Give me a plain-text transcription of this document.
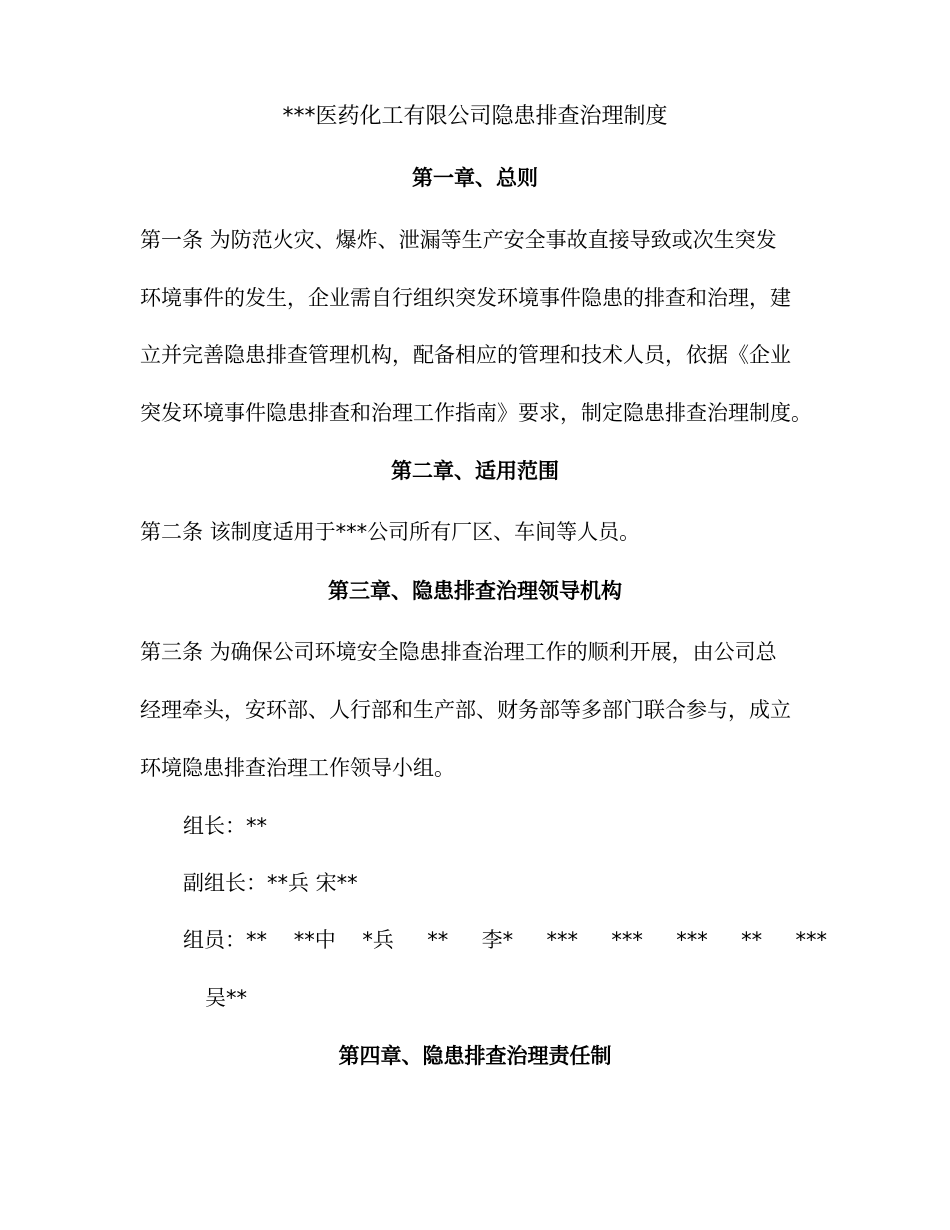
***医药化工有限公司隐患排查治理制度
第一章、总则
第一条 为防范火灾、爆炸、泄漏等生产安全事故直接导致或次生突发
环境事件的发生，企业需自行组织突发环境事件隐患的排查和治理，建
立并完善隐患排查管理机构，配备相应的管理和技术人员，依据《企业
突发环境事件隐患排查和治理工作指南》要求，制定隐患排查治理制度。
第二章、适用范围
第二条 该制度适用于***公司所有厂区、车间等人员。
第三章、隐患排查治理领导机构
第三条 为确保公司环境安全隐患排查治理工作的顺利开展，由公司总
经理牵头，安环部、人行部和生产部、财务部等多部门联合参与，成立
环境隐患排查治理工作领导小组。
组长：**
副组长：**兵 宋**
组员：**    **中    *兵     **     李*     ***     ***     ***     **     ***
吴**
第四章、隐患排查治理责任制
